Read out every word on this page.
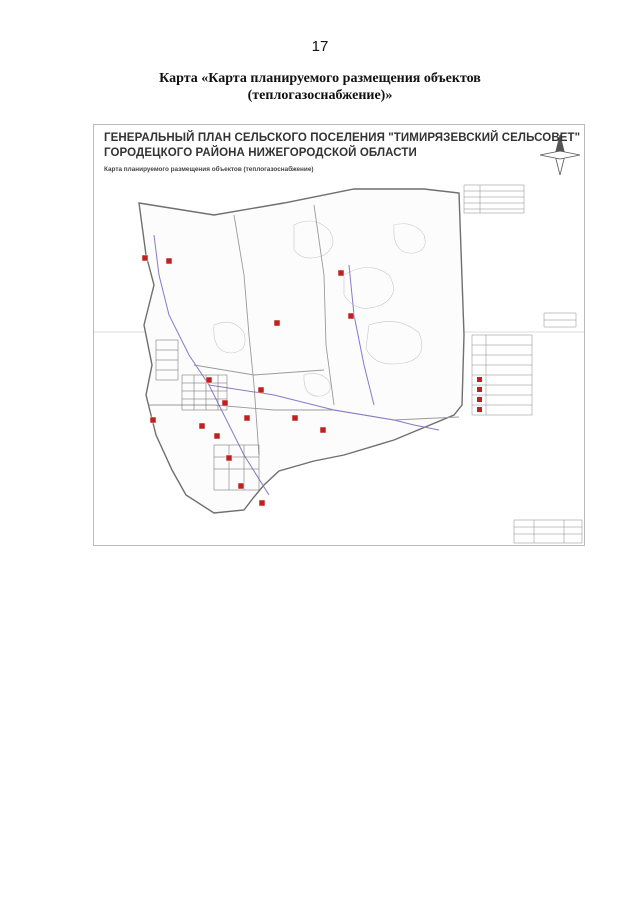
17
Карта «Карта планируемого размещения объектов
(теплогазоснабжение)»
ГЕНЕРАЛЬНЫЙ ПЛАН СЕЛЬСКОГО ПОСЕЛЕНИЯ "ТИМИРЯЗЕВСКИЙ СЕЛЬСОВЕТ"
ГОРОДЕЦКОГО РАЙОНА НИЖЕГОРОДСКОЙ ОБЛАСТИ
Карта планируемого размещения объектов (теплогазоснабжение)
